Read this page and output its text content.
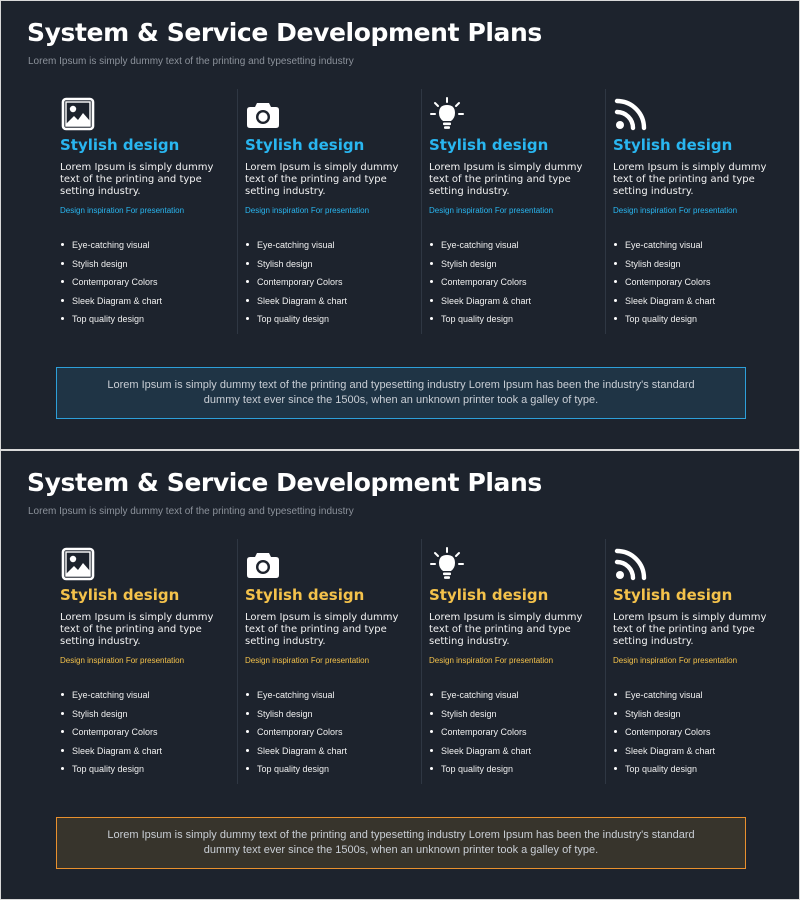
System & Service Development Plans
Lorem Ipsum is simply dummy text of the printing and typesetting industry
Stylish design
Lorem Ipsum is simply dummy text of the printing and type setting industry.
Design inspiration For presentation
Eye-catching visual
Stylish design
Contemporary Colors
Sleek Diagram & chart
Top quality design
Stylish design
Lorem Ipsum is simply dummy text of the printing and type setting industry.
Design inspiration For presentation
Eye-catching visual
Stylish design
Contemporary Colors
Sleek Diagram & chart
Top quality design
Stylish design
Lorem Ipsum is simply dummy text of the printing and type setting industry.
Design inspiration For presentation
Eye-catching visual
Stylish design
Contemporary Colors
Sleek Diagram & chart
Top quality design
Stylish design
Lorem Ipsum is simply dummy text of the printing and type setting industry.
Design inspiration For presentation
Eye-catching visual
Stylish design
Contemporary Colors
Sleek Diagram & chart
Top quality design
Lorem Ipsum is simply dummy text of the printing and typesetting industry Lorem Ipsum has been the industry's standard dummy text ever since the 1500s, when an unknown printer took a galley of type.
System & Service Development Plans
Lorem Ipsum is simply dummy text of the printing and typesetting industry
Stylish design
Lorem Ipsum is simply dummy text of the printing and type setting industry.
Design inspiration For presentation
Eye-catching visual
Stylish design
Contemporary Colors
Sleek Diagram & chart
Top quality design
Stylish design
Lorem Ipsum is simply dummy text of the printing and type setting industry.
Design inspiration For presentation
Eye-catching visual
Stylish design
Contemporary Colors
Sleek Diagram & chart
Top quality design
Stylish design
Lorem Ipsum is simply dummy text of the printing and type setting industry.
Design inspiration For presentation
Eye-catching visual
Stylish design
Contemporary Colors
Sleek Diagram & chart
Top quality design
Stylish design
Lorem Ipsum is simply dummy text of the printing and type setting industry.
Design inspiration For presentation
Eye-catching visual
Stylish design
Contemporary Colors
Sleek Diagram & chart
Top quality design
Lorem Ipsum is simply dummy text of the printing and typesetting industry Lorem Ipsum has been the industry's standard dummy text ever since the 1500s, when an unknown printer took a galley of type.
